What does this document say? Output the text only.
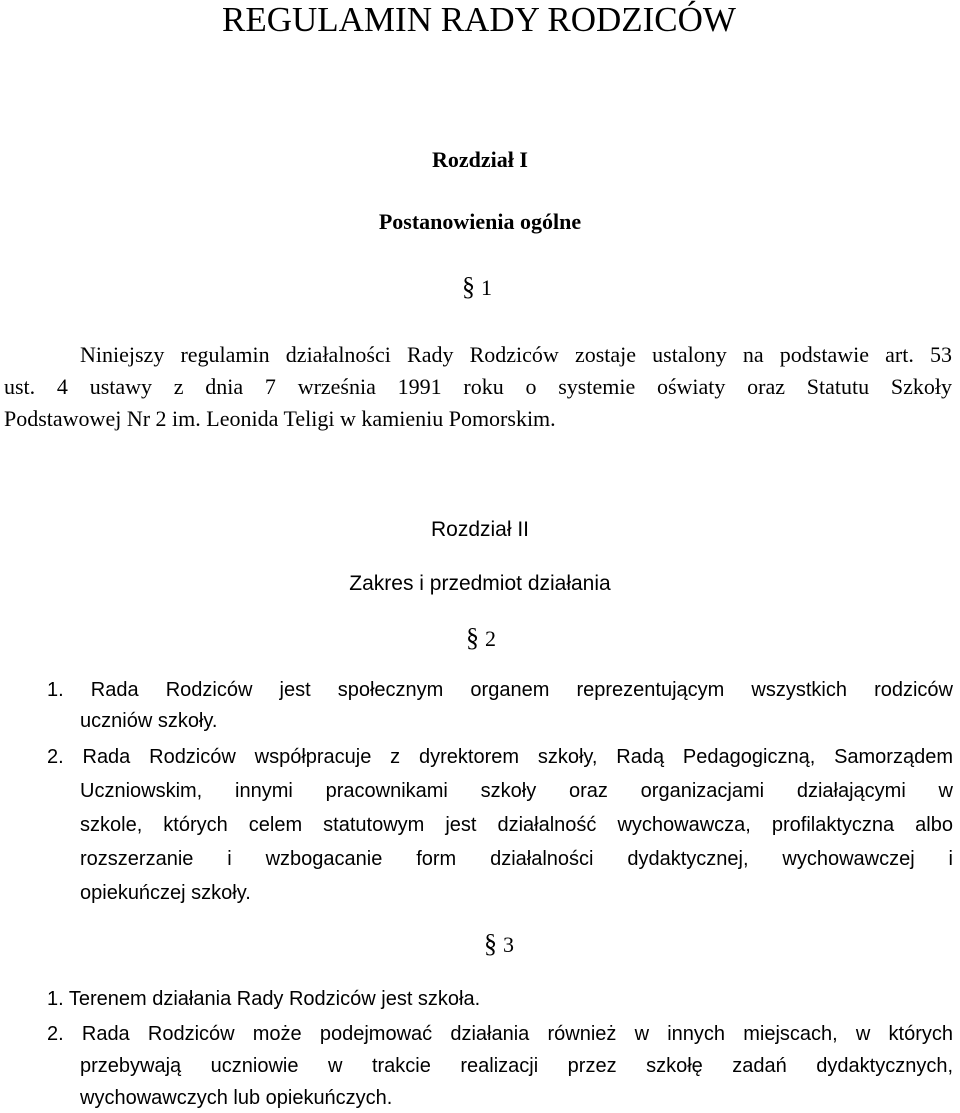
REGULAMIN RADY RODZICÓW
Rozdział I
Postanowienia ogólne
§ 1
Niniejszy regulamin działalności Rady Rodziców zostaje ustalony na podstawie art. 53
ust. 4 ustawy z dnia 7 września 1991 roku o systemie oświaty oraz Statutu Szkoły
Podstawowej Nr 2 im. Leonida Teligi w kamieniu Pomorskim.
Rozdział II
Zakres i przedmiot działania
§ 2
1. Rada Rodziców jest społecznym organem reprezentującym wszystkich rodziców
uczniów szkoły.
2. Rada Rodziców współpracuje z dyrektorem szkoły, Radą Pedagogiczną, Samorządem
Uczniowskim, innymi pracownikami szkoły oraz organizacjami działającymi w
szkole, których celem statutowym jest działalność wychowawcza, profilaktyczna albo
rozszerzanie i wzbogacanie form działalności dydaktycznej, wychowawczej i
opiekuńczej szkoły.
§ 3
1. Terenem działania Rady Rodziców jest szkoła.
2. Rada Rodziców może podejmować działania również w innych miejscach, w których
przebywają uczniowie w trakcie realizacji przez szkołę zadań dydaktycznych,
wychowawczych lub opiekuńczych.
